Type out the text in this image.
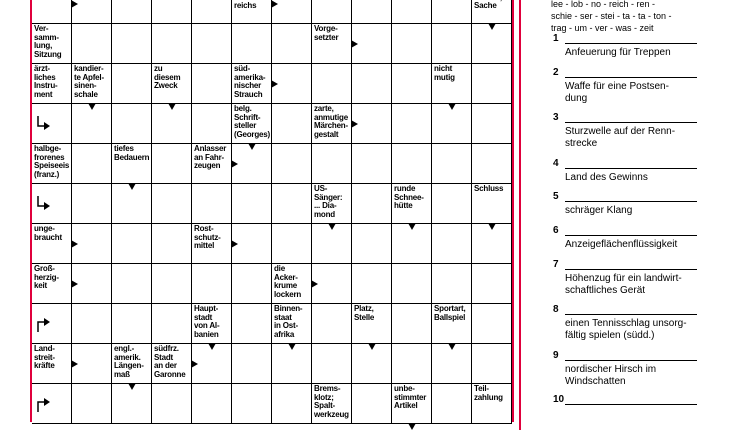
reichs	

Sache
Ver-
samm-
lung,
Sitzung
Vorge-
setzter
ärzt-
liches
Instru-
ment
kandier-
te Apfel-
sinen-
schale
zu
diesem
Zweck
süd-
amerika-
nischer
Strauch
nicht
mutig
belg.
Schrift-
steller
(Georges)
zarte,
anmutige
Märchen-
gestalt
halbge-
frorenes
Speiseeis
(franz.)
tiefes
Bedauern
Anlasser
an Fahr-
zeugen
US-
Sänger:
... Dia-
mond
runde
Schnee-
hütte
Schluss
unge-
braucht
Rost-
schutz-
mittel
Groß-
herzig-
keit
die
Acker-
krume
lockern
Haupt-
stadt
von Al-
banien
Binnen-
staat
in Ost-
afrika
Platz,
Stelle
Sportart,
Ballspiel
Land-
streit-
kräfte
engl.-
amerik.
Längen-
maß
südfrz.
Stadt
an der
Garonne
Brems-
klotz;
Spalt-
werkzeug
unbe-
stimmter
Artikel
Teil-
zahlung
lee - lob - no - reich - ren -
schie - ser - stei - ta - ta - ton -
trag - um - ver - was - zeit
1
Anfeuerung für Treppen
2
Waffe für eine Postsen-
dung
3
Sturzwelle auf der Renn-
strecke
4
Land des Gewinns
5
schräger Klang
6
Anzeigeflächenflüssigkeit
7
Höhenzug für ein landwirt-
schaftliches Gerät
8
einen Tennisschlag unsorg-
fältig spielen (südd.)
9
nordischer Hirsch im
Windschatten
10
